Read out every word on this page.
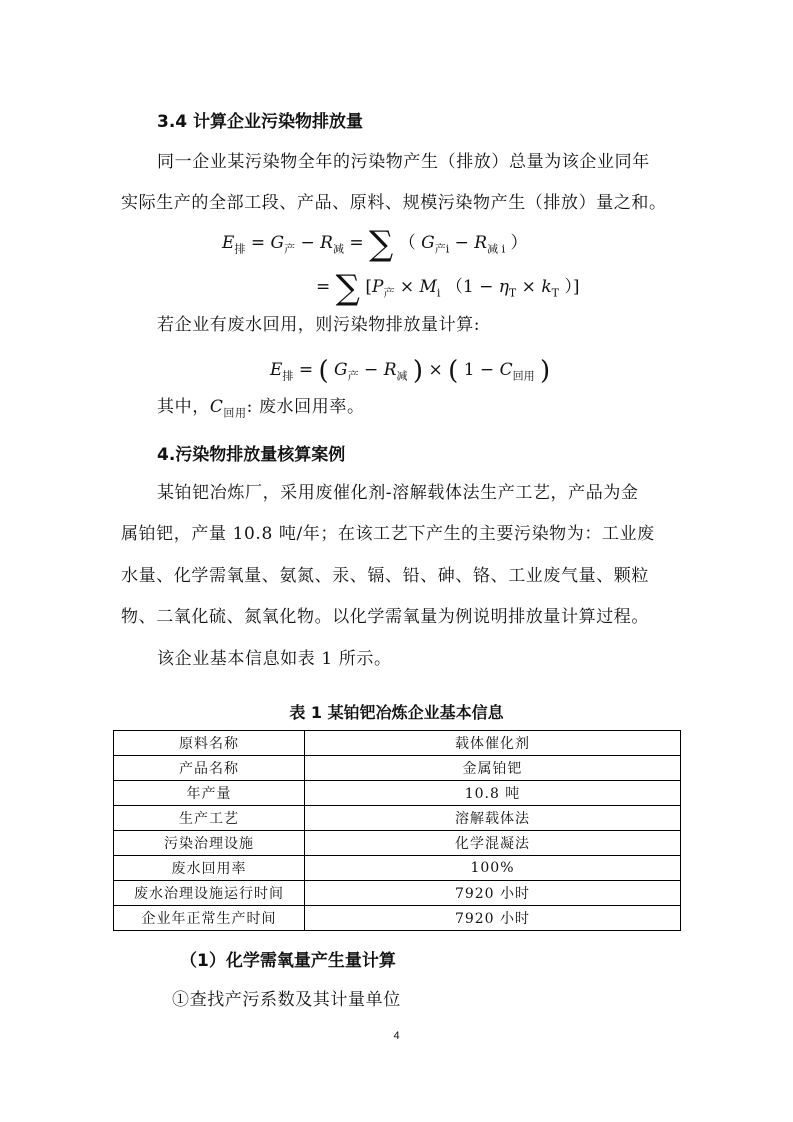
3.4 计算企业污染物排放量
同一企业某污染物全年的污染物产生（排放）总量为该企业同年
实际生产的全部工段、产品、原料、规模污染物产生（排放）量之和。
$E_排 = G_产 - R_减$ = ∑ （ $G_{产i} - R_{减 i}$ ）
= ∑ [$P_产 \times M_i$ （$1 - \eta_T \times k_T$ ）]
若企业有废水回用，则污染物排放量计算:
$E_排$ = ( $G_产 - R_减$ ) × ( $1 - C_{回用}$ )
其中，$C_{回用}$: 废水回用率。
4.污染物排放量核算案例
某铂钯冶炼厂，采用废催化剂-溶解载体法生产工艺，产品为金
属铂钯，产量 10.8 吨/年；在该工艺下产生的主要污染物为：工业废
水量、化学需氧量、氨氮、汞、镉、铅、砷、铬、工业废气量、颗粒
物、二氧化硫、氮氧化物。以化学需氧量为例说明排放量计算过程。
该企业基本信息如表 1 所示。
表 1 某铂钯冶炼企业基本信息
原料名称	载体催化剂
产品名称	金属铂钯
年产量	10.8 吨
生产工艺	溶解载体法
污染治理设施	化学混凝法
废水回用率	100%
废水治理设施运行时间	7920 小时
企业年正常生产时间	7920 小时
（1）化学需氧量产生量计算
①查找产污系数及其计量单位
4
